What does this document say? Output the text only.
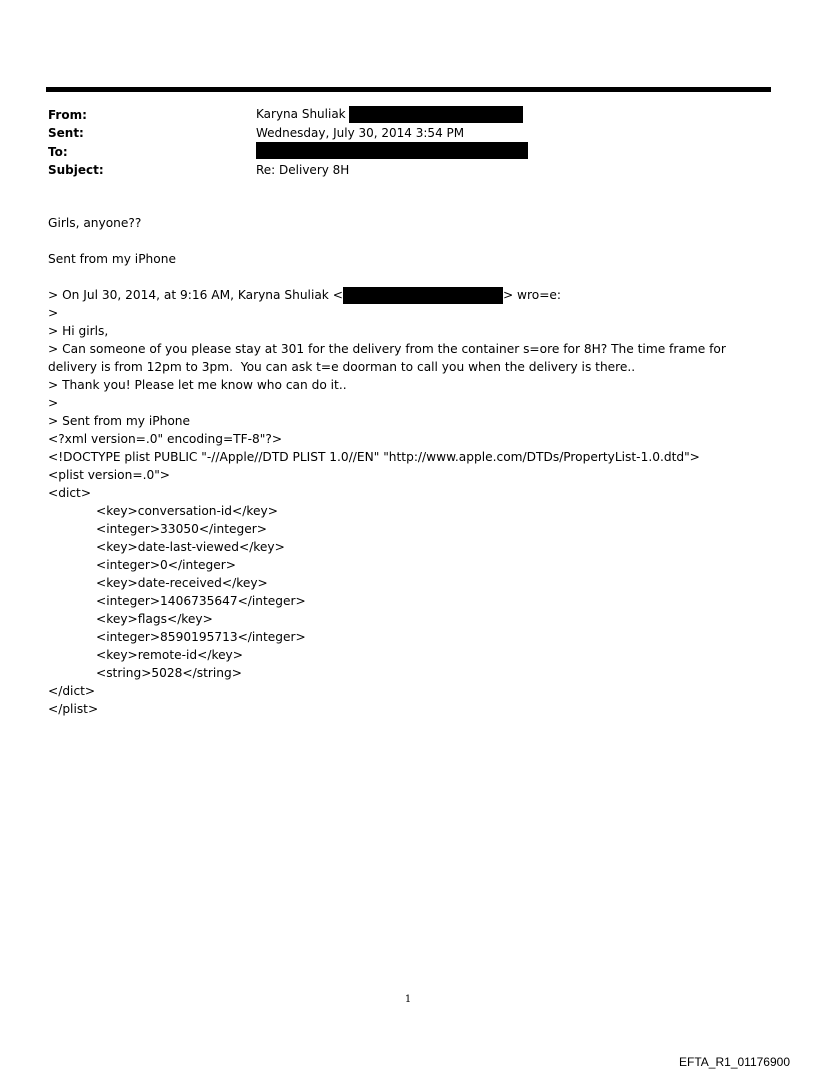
From:	Karyna Shuliak
Sent:	Wednesday, July 30, 2014 3:54 PM
To:
Subject:	Re: Delivery 8H
Girls, anyone??
Sent from my iPhone
> On Jul 30, 2014, at 9:16 AM, Karyna Shuliak <	> wro=e:
>
> Hi girls,
> Can someone of you please stay at 301 for the delivery from the container s=ore for 8H? The time frame for delivery is from 12pm to 3pm.  You can ask t=e doorman to call you when the delivery is there..
> Thank you! Please let me know who can do it..
>
> Sent from my iPhone
<?xml version=.0" encoding=TF-8"?>
<!DOCTYPE plist PUBLIC "-//Apple//DTD PLIST 1.0//EN" "http://www.apple.com/DTDs/PropertyList-1.0.dtd">
<plist version=.0">
<dict>
<key>conversation-id</key>
<integer>33050</integer>
<key>date-last-viewed</key>
<integer>0</integer>
<key>date-received</key>
<integer>1406735647</integer>
<key>flags</key>
<integer>8590195713</integer>
<key>remote-id</key>
<string>5028</string>
</dict>
</plist>
1
EFTA_R1_01176900
